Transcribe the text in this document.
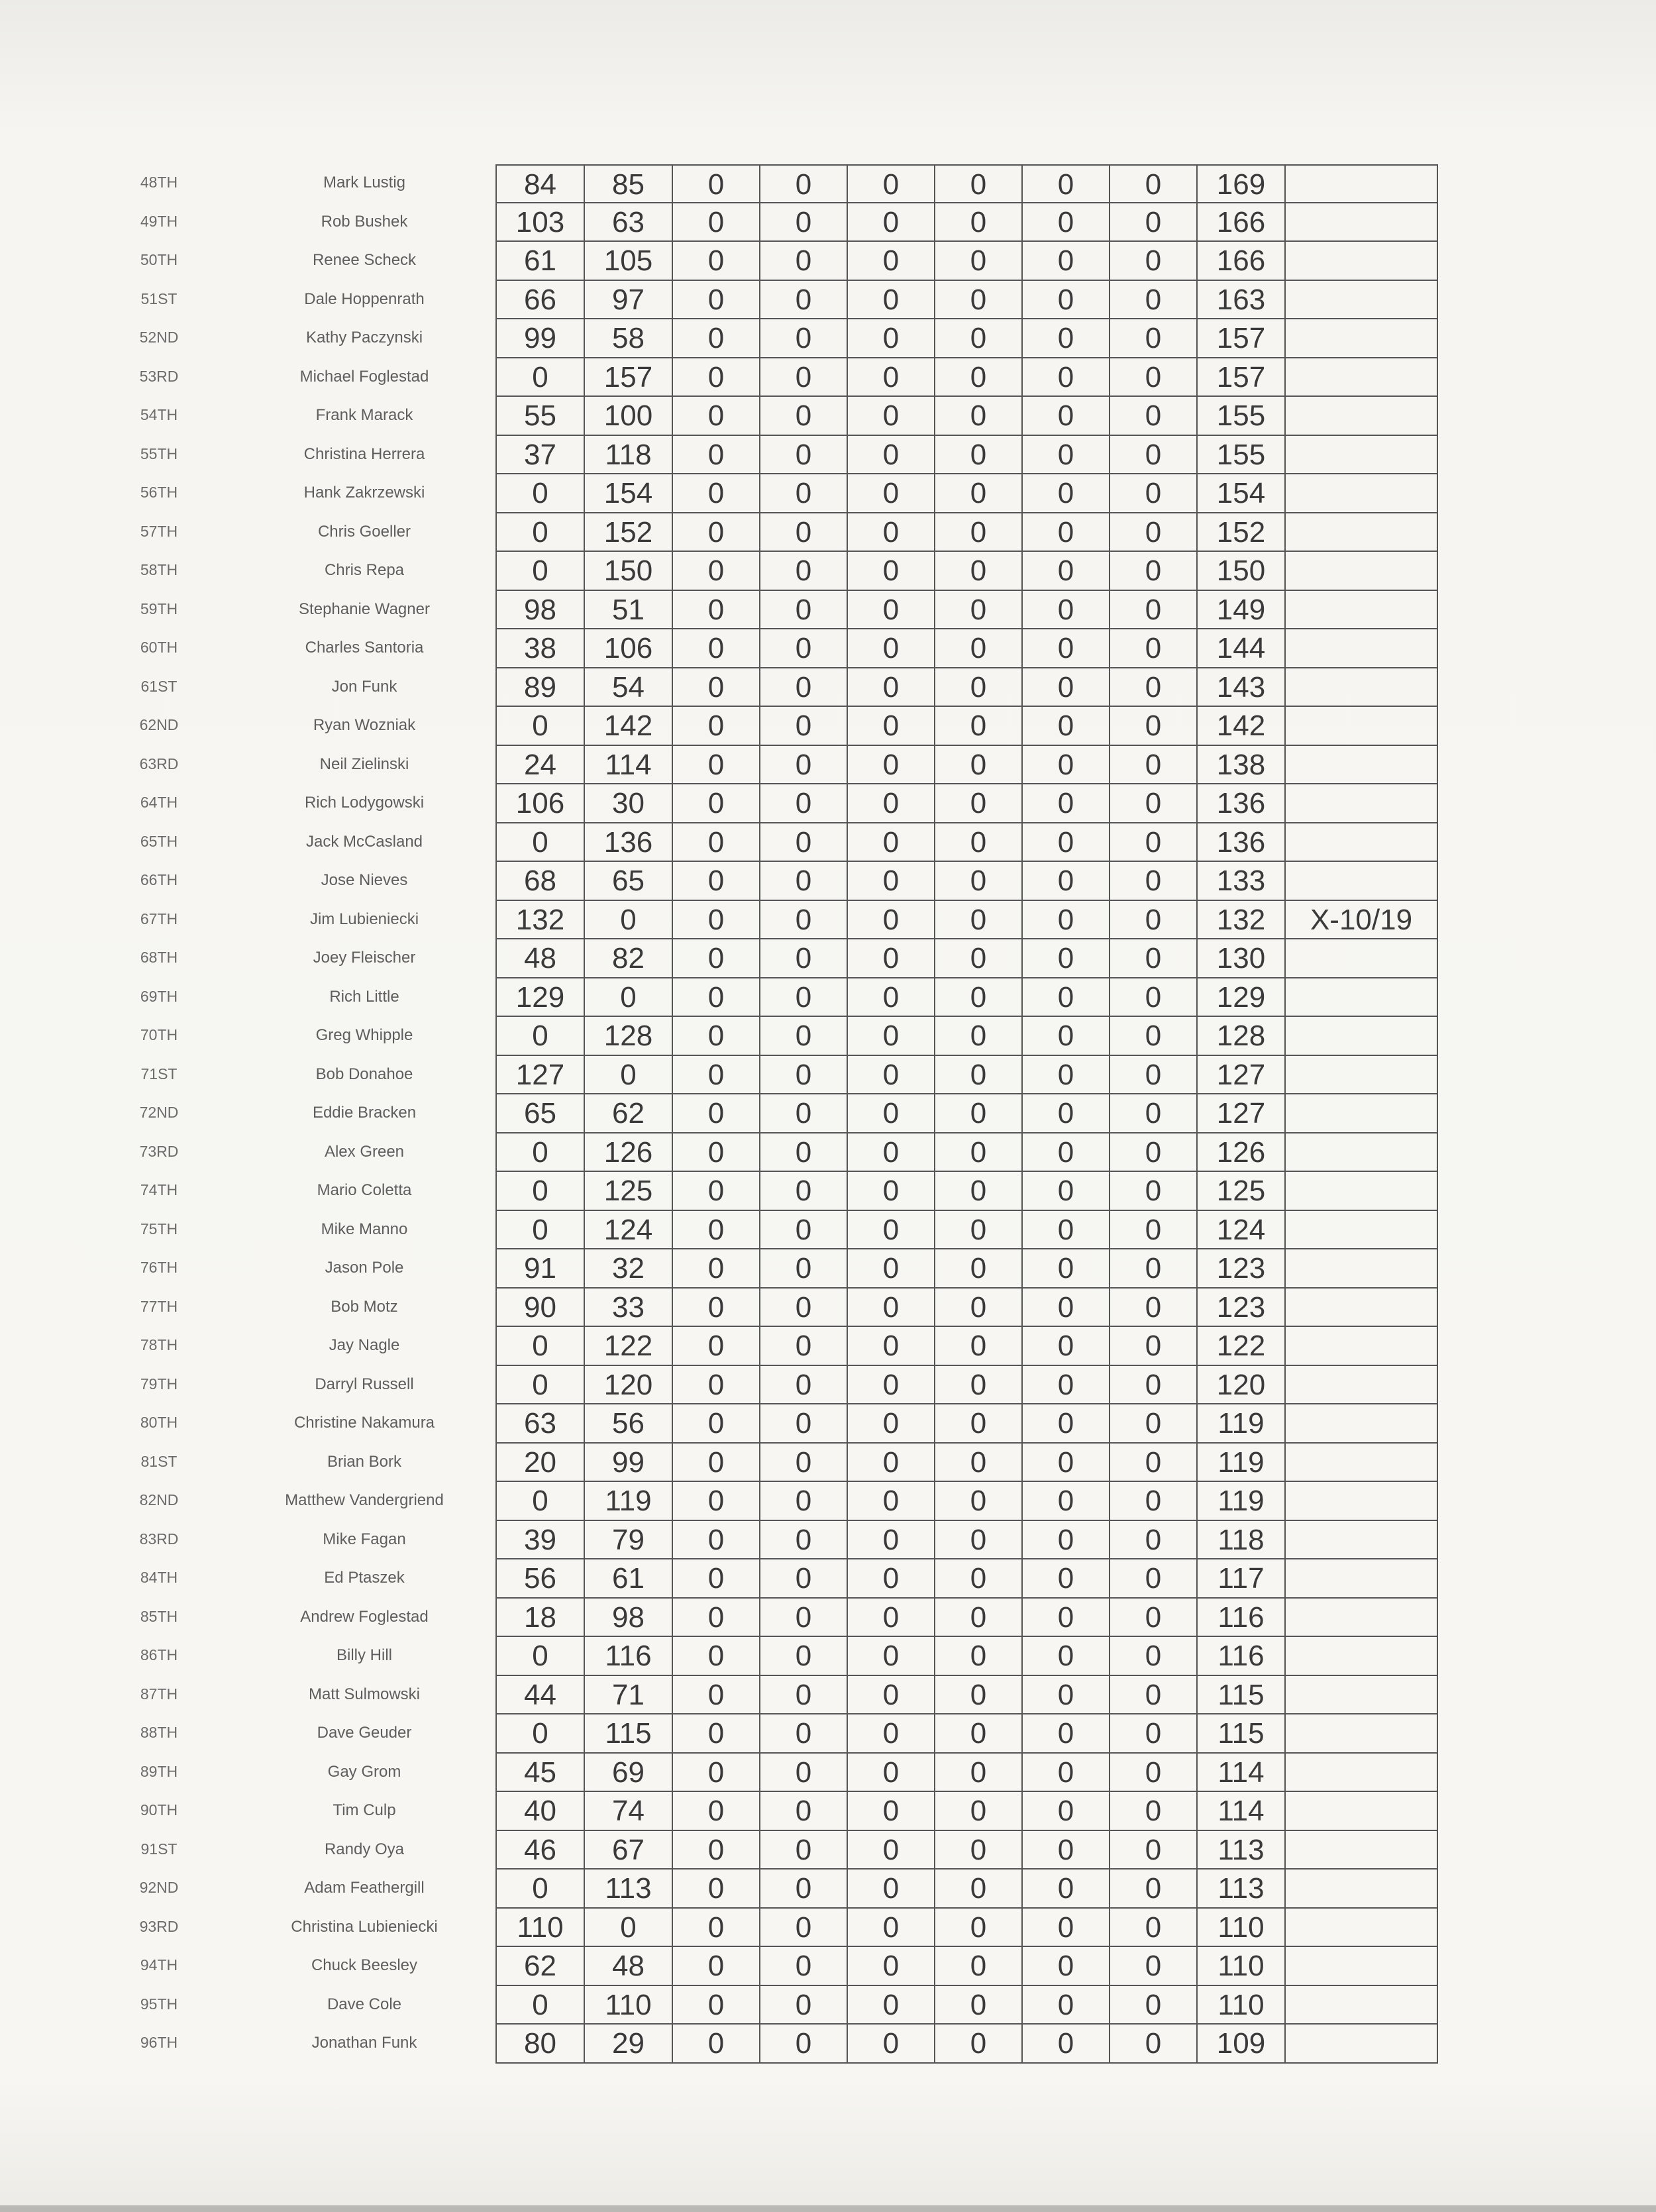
48TH	Mark Lustig	84	85	0	0	0	0	0	0	169
49TH	Rob Bushek	103	63	0	0	0	0	0	0	166
50TH	Renee Scheck	61	105	0	0	0	0	0	0	166
51ST	Dale Hoppenrath	66	97	0	0	0	0	0	0	163
52ND	Kathy Paczynski	99	58	0	0	0	0	0	0	157
53RD	Michael Foglestad	0	157	0	0	0	0	0	0	157
54TH	Frank Marack	55	100	0	0	0	0	0	0	155
55TH	Christina Herrera	37	118	0	0	0	0	0	0	155
56TH	Hank Zakrzewski	0	154	0	0	0	0	0	0	154
57TH	Chris Goeller	0	152	0	0	0	0	0	0	152
58TH	Chris Repa	0	150	0	0	0	0	0	0	150
59TH	Stephanie Wagner	98	51	0	0	0	0	0	0	149
60TH	Charles Santoria	38	106	0	0	0	0	0	0	144
61ST	Jon Funk	89	54	0	0	0	0	0	0	143
62ND	Ryan Wozniak	0	142	0	0	0	0	0	0	142
63RD	Neil Zielinski	24	114	0	0	0	0	0	0	138
64TH	Rich Lodygowski	106	30	0	0	0	0	0	0	136
65TH	Jack McCasland	0	136	0	0	0	0	0	0	136
66TH	Jose Nieves	68	65	0	0	0	0	0	0	133
67TH	Jim Lubieniecki	132	0	0	0	0	0	0	0	132	X-10/19
68TH	Joey Fleischer	48	82	0	0	0	0	0	0	130
69TH	Rich Little	129	0	0	0	0	0	0	0	129
70TH	Greg Whipple	0	128	0	0	0	0	0	0	128
71ST	Bob Donahoe	127	0	0	0	0	0	0	0	127
72ND	Eddie Bracken	65	62	0	0	0	0	0	0	127
73RD	Alex Green	0	126	0	0	0	0	0	0	126
74TH	Mario Coletta	0	125	0	0	0	0	0	0	125
75TH	Mike Manno	0	124	0	0	0	0	0	0	124
76TH	Jason Pole	91	32	0	0	0	0	0	0	123
77TH	Bob Motz	90	33	0	0	0	0	0	0	123
78TH	Jay Nagle	0	122	0	0	0	0	0	0	122
79TH	Darryl Russell	0	120	0	0	0	0	0	0	120
80TH	Christine Nakamura	63	56	0	0	0	0	0	0	119
81ST	Brian Bork	20	99	0	0	0	0	0	0	119
82ND	Matthew Vandergriend	0	119	0	0	0	0	0	0	119
83RD	Mike Fagan	39	79	0	0	0	0	0	0	118
84TH	Ed Ptaszek	56	61	0	0	0	0	0	0	117
85TH	Andrew Foglestad	18	98	0	0	0	0	0	0	116
86TH	Billy Hill	0	116	0	0	0	0	0	0	116
87TH	Matt Sulmowski	44	71	0	0	0	0	0	0	115
88TH	Dave Geuder	0	115	0	0	0	0	0	0	115
89TH	Gay Grom	45	69	0	0	0	0	0	0	114
90TH	Tim Culp	40	74	0	0	0	0	0	0	114
91ST	Randy Oya	46	67	0	0	0	0	0	0	113
92ND	Adam Feathergill	0	113	0	0	0	0	0	0	113
93RD	Christina Lubieniecki	110	0	0	0	0	0	0	0	110
94TH	Chuck Beesley	62	48	0	0	0	0	0	0	110
95TH	Dave Cole	0	110	0	0	0	0	0	0	110
96TH	Jonathan Funk	80	29	0	0	0	0	0	0	109
